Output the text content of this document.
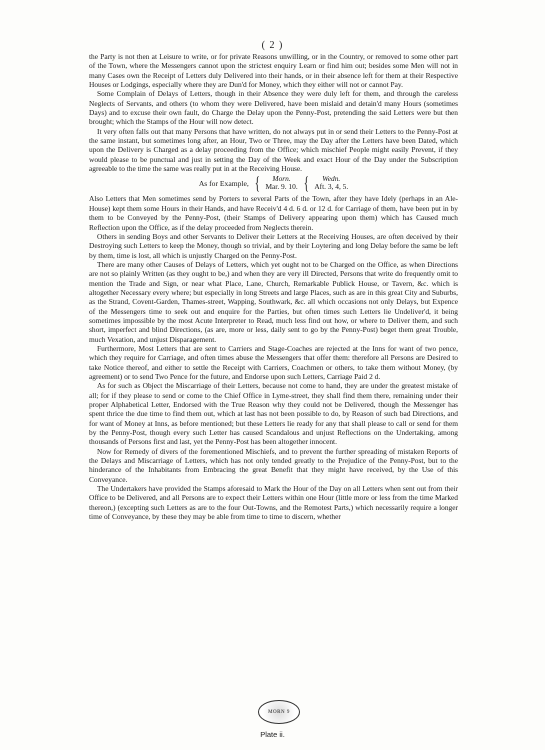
( 2 )

the Party is not then at Leisure to write, or for private Reasons unwilling, or in the Country, or removed to some other part of the Town, where the Messengers cannot upon the strictest enquiry Learn or find him out; besides some Men will not in many Cases own the Receipt of Letters duly Delivered into their hands, or in their absence left for them at their Respective Houses or Lodgings, especially where they are Dun'd for Money, which they either will not or cannot Pay.

Some Complain of Delays of Letters, though in their Absence they were duly left for them, and through the careless Neglects of Servants, and others (to whom they were Delivered, have been mislaid and detain'd many Hours (sometimes Days) and to excuse their own fault, do Charge the Delay upon the Penny-Post, pretending the said Letters were but then brought; which the Stamps of the Hour will now detect.

It very often falls out that many Persons that have written, do not always put in or send their Letters to the Penny-Post at the same instant, but sometimes long after, an Hour, Two or Three, may the Day after the Letters have been Dated, which upon the Delivery is Charged as a delay proceeding from the Office; which mischief People might easily Prevent, if they would please to be punctual and just in setting the Day of the Week and exact Hour of the Day under the Subscription agreeable to the time the same was really put in at the Receiving House.

As for Example, {	Morn.
Mar. 9. 10. {	Wedn.
Aft. 3, 4, 5.

Also Letters that Men sometimes send by Porters to several Parts of the Town, after they have Idely (perhaps in an Ale-House) kept them some Hours in their Hands, and have Receiv'd 4 d. 6 d. or 12 d. for Carriage of them, have been put in by them to be Conveyed by the Penny-Post, (their Stamps of Delivery appearing upon them) which has Caused much Reflection upon the Office, as if the delay proceeded from Neglects therein.

Others in sending Boys and other Servants to Deliver their Letters at the Receiving Houses, are often deceived by their Destroying such Letters to keep the Money, though so trivial, and by their Loytering and long Delay before the same be left by them, time is lost, all which is unjustly Charged on the Penny-Post.

There are many other Causes of Delays of Letters, which yet ought not to be Charged on the Office, as when Directions are not so plainly Written (as they ought to be,) and when they are very ill Directed, Persons that write do frequently omit to mention the Trade and Sign, or near what Place, Lane, Church, Remarkable Publick House, or Tavern, &c. which is altogether Necessary every where; but especially in long Streets and large Places, such as are in this great City and Suburbs, as the Strand, Covent-Garden, Thames-street, Wapping, Southwark, &c. all which occasions not only Delays, but Expence of the Messengers time to seek out and enquire for the Parties, but often times such Letters lie Undeliver'd, it being sometimes impossible by the most Acute Interpreter to Read, much less find out how, or where to Deliver them, and such short, imperfect and blind Directions, (as are, more or less, daily sent to go by the Penny-Post) beget them great Trouble, much Vexation, and unjust Disparagement.

Furthermore, Most Letters that are sent to Carriers and Stage-Coaches are rejected at the Inns for want of two pence, which they require for Carriage, and often times abuse the Messengers that offer them: therefore all Persons are Desired to take Notice thereof, and either to settle the Receipt with Carriers, Coachmen or others, to take them without Money, (by agreement) or to send Two Pence for the future, and Endorse upon such Letters, Carriage Paid 2 d.

As for such as Object the Miscarriage of their Letters, because not come to hand, they are under the greatest mistake of all; for if they please to send or come to the Chief Office in Lyme-street, they shall find them there, remaining under their proper Alphabetical Letter, Endorsed with the True Reason why they could not be Delivered, though the Messenger has spent thrice the due time to find them out, which at last has not been possible to do, by Reason of such bad Directions, and for want of Money at Inns, as before mentioned; but these Letters lie ready for any that shall please to call or send for them by the Penny-Post, though every such Letter has caused Scandalous and unjust Reflections on the Undertaking, among thousands of Persons first and last, yet the Penny-Post has been altogether innocent.

Now for Remedy of divers of the forementioned Mischiefs, and to prevent the further spreading of mistaken Reports of the Delays and Miscarriage of Letters, which has not only tended greatly to the Prejudice of the Penny-Post, but to the hinderance of the Inhabitants from Embracing the great Benefit that they might have received, by the Use of this Conveyance.

The Undertakers have provided the Stamps aforesaid to Mark the Hour of the Day on all Letters when sent out from their Office to be Delivered, and all Persons are to expect their Letters within one Hour (little more or less from the time Marked thereon,) (excepting such Letters as are to the four Out-Towns, and the Remotest Parts,) which necessarily require a longer time of Conveyance, by these they may be able from time to time to discern, whether

MORN 9
Plate ii.
